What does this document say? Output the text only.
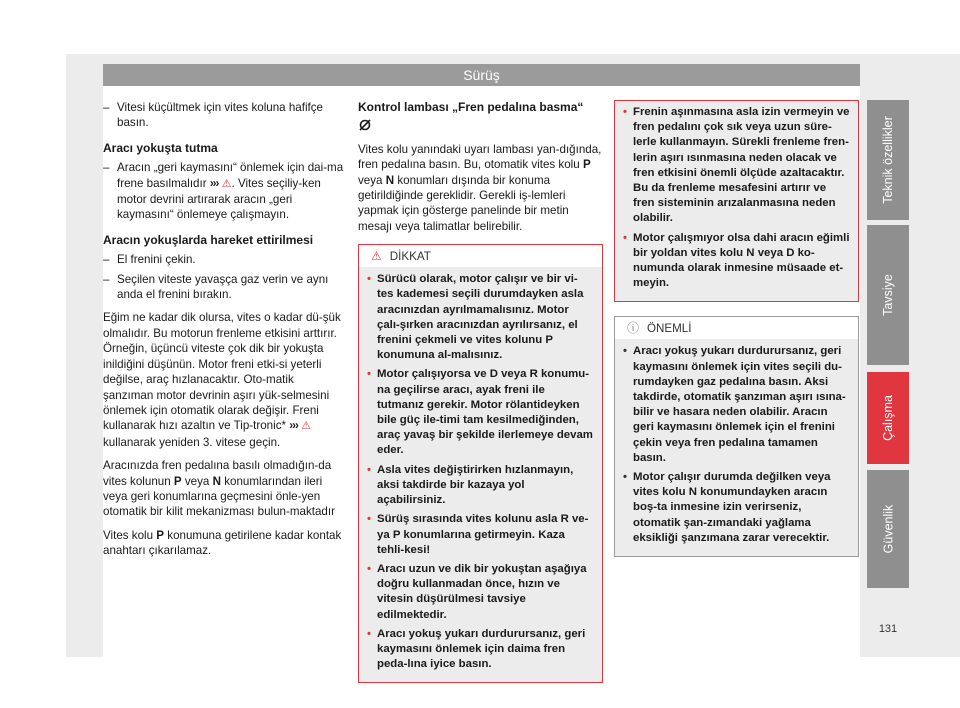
Sürüş
– Vitesi küçültmek için vites koluna hafifçe basın.
Aracı yokuşta tutma
– Aracın „geri kaymasını“ önlemek için dai-ma frene basılmalıdır ››› ⚠. Vites seçiliy-ken motor devrini artırarak aracın „geri kaymasını“ önlemeye çalışmayın.
Aracın yokuşlarda hareket ettirilmesi
– El frenini çekin.
– Seçilen viteste yavaşça gaz verin ve aynı anda el frenini bırakın.
Eğim ne kadar dik olursa, vites o kadar dü-şük olmalıdır. Bu motorun frenleme etkisini arttırır. Örneğin, üçüncü viteste çok dik bir yokuşta inildiğini düşünün. Motor freni etki-si yeterli değilse, araç hızlanacaktır. Oto-matik şanzıman motor devrinin aşırı yük-selmesini önlemek için otomatik olarak değişir. Freni kullanarak hızı azaltın ve Tip-tronic* ››› ⚠ kullanarak yeniden 3. vitese geçin.
Aracınızda fren pedalına basılı olmadığın-da vites kolunun P veya N konumlarından ileri veya geri konumlarına geçmesini önle-yen otomatik bir kilit mekanizması bulun-maktadır
Vites kolu P konumuna getirilene kadar kontak anahtarı çıkarılamaz.
Kontrol lambası „Fren pedalına basma“
Vites kolu yanındaki uyarı lambası yan-dığında, fren pedalına basın. Bu, otomatik vites kolu P veya N konumları dışında bir konuma getirildiğinde gereklidir. Gerekli iş-lemleri yapmak için gösterge panelinde bir metin mesajı veya talimatlar belirebilir.
⚠ DİKKAT
• Sürücü olarak, motor çalışır ve bir vi-tes kademesi seçili durumdayken asla aracınızdan ayrılmamalısınız. Motor çalı-şırken aracınızdan ayrılırsanız, el frenini çekmeli ve vites kolunu P konumuna al-malısınız.
• Motor çalışıyorsa ve D veya R konumu-na geçilirse aracı, ayak freni ile tutmanız gerekir. Motor rölantideyken bile güç ile-timi tam kesilmediğinden, araç yavaş bir şekilde ilerlemeye devam eder.
• Asla vites değiştirirken hızlanmayın, aksi takdirde bir kazaya yol açabilirsiniz.
• Sürüş sırasında vites kolunu asla R ve-ya P konumlarına getirmeyin. Kaza tehli-kesi!
• Aracı uzun ve dik bir yokuştan aşağıya doğru kullanmadan önce, hızın ve vitesin düşürülmesi tavsiye edilmektedir.
• Aracı yokuş yukarı durdurursanız, geri kaymasını önlemek için daima fren peda-lına iyice basın.
• Frenin aşınmasına asla izin vermeyin ve fren pedalını çok sık veya uzun süre-lerle kullanmayın. Sürekli frenleme fren-lerin aşırı ısınmasına neden olacak ve fren etkisini önemli ölçüde azaltacaktır. Bu da frenleme mesafesini artırır ve fren sisteminin arızalanmasına neden olabilir.
• Motor çalışmıyor olsa dahi aracın eğimli bir yoldan vites kolu N veya D ko-numunda olarak inmesine müsaade et-meyin.
ⓘ ÖNEMLİ
• Aracı yokuş yukarı durdurursanız, geri kaymasını önlemek için vites seçili du-rumdayken gaz pedalına basın. Aksi takdirde, otomatik şanzıman aşırı ısına-bilir ve hasara neden olabilir. Aracın geri kaymasını önlemek için el frenini çekin veya fren pedalına tamamen basın.
• Motor çalışır durumda değilken veya vites kolu N konumundayken aracın boş-ta inmesine izin verirseniz, otomatik şan-zımandaki yağlama eksikliği şanzımana zarar verecektir.
Teknik özellikler
Tavsiye
Çalışma
Güvenlik
131
